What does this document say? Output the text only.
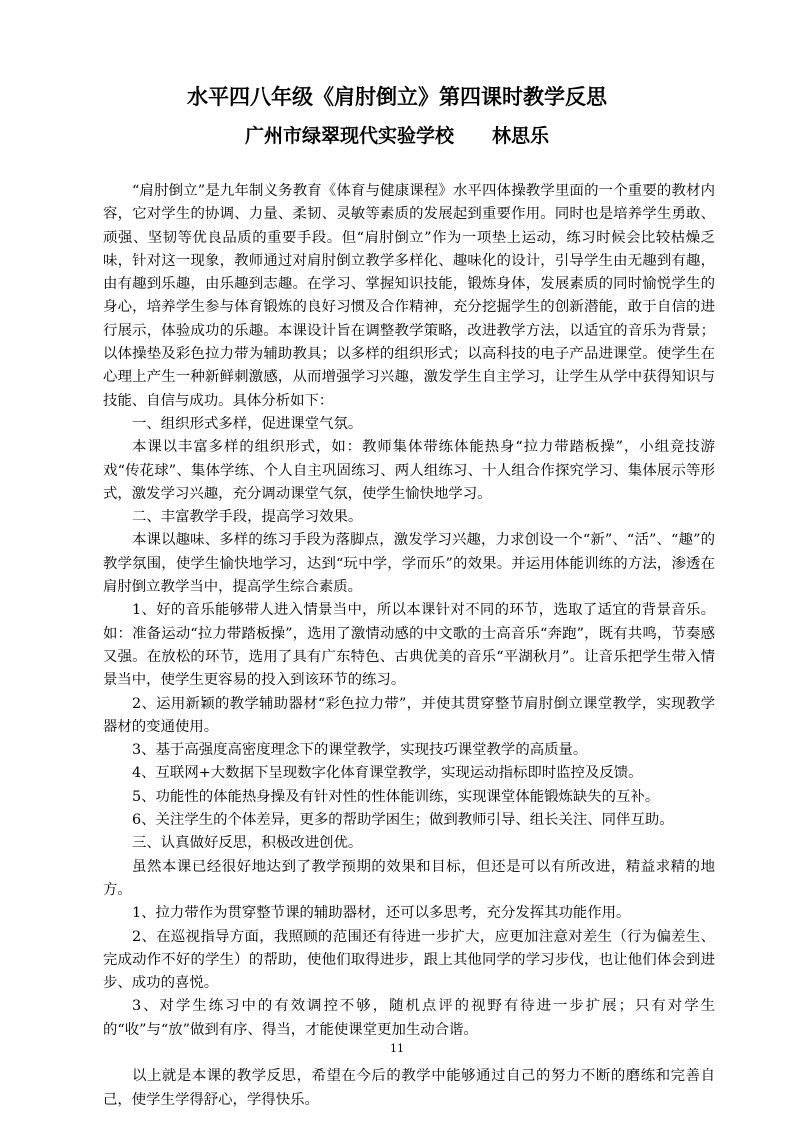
水平四八年级《肩肘倒立》第四课时教学反思
广州市绿翠现代实验学校　　林思乐

“肩肘倒立”是九年制义务教育《体育与健康课程》水平四体操教学里面的一个重要的教材内容，它对学生的协调、力量、柔韧、灵敏等素质的发展起到重要作用。同时也是培养学生勇敢、顽强、坚韧等优良品质的重要手段。但“肩肘倒立”作为一项垫上运动，练习时候会比较枯燥乏味，针对这一现象，教师通过对肩肘倒立教学多样化、趣味化的设计，引导学生由无趣到有趣，由有趣到乐趣，由乐趣到志趣。在学习、掌握知识技能，锻炼身体，发展素质的同时愉悦学生的身心，培养学生参与体育锻炼的良好习惯及合作精神，充分挖掘学生的创新潜能，敢于自信的进行展示，体验成功的乐趣。本课设计旨在调整教学策略，改进教学方法，以适宜的音乐为背景；以体操垫及彩色拉力带为辅助教具；以多样的组织形式；以高科技的电子产品进课堂。使学生在心理上产生一种新鲜刺激感，从而增强学习兴趣，激发学生自主学习，让学生从学中获得知识与技能、自信与成功。具体分析如下：

一、组织形式多样，促进课堂气氛。

本课以丰富多样的组织形式，如：教师集体带练体能热身“拉力带踏板操”，小组竞技游戏“传花球”、集体学练、个人自主巩固练习、两人组练习、十人组合作探究学习、集体展示等形式，激发学习兴趣，充分调动课堂气氛，使学生愉快地学习。

二、丰富教学手段，提高学习效果。

本课以趣味、多样的练习手段为落脚点，激发学习兴趣，力求创设一个“新”、“活”、“趣”的教学氛围，使学生愉快地学习，达到“玩中学，学而乐”的效果。并运用体能训练的方法，渗透在肩肘倒立教学当中，提高学生综合素质。

1、好的音乐能够带人进入情景当中，所以本课针对不同的环节，选取了适宜的背景音乐。如：准备运动“拉力带踏板操”，选用了激情动感的中文歌的士高音乐“奔跑”，既有共鸣，节奏感又强。在放松的环节，选用了具有广东特色、古典优美的音乐“平湖秋月”。让音乐把学生带入情景当中，使学生更容易的投入到该环节的练习。

2、运用新颖的教学辅助器材“彩色拉力带”，并使其贯穿整节肩肘倒立课堂教学，实现教学器材的变通使用。

3、基于高强度高密度理念下的课堂教学，实现技巧课堂教学的高质量。

4、互联网+大数据下呈现数字化体育课堂教学，实现运动指标即时监控及反馈。

5、功能性的体能热身操及有针对性的性体能训练，实现课堂体能锻炼缺失的互补。

6、关注学生的个体差异，更多的帮助学困生；做到教师引导、组长关注、同伴互助。

三、认真做好反思，积极改进创优。

虽然本课已经很好地达到了教学预期的效果和目标，但还是可以有所改进，精益求精的地方。

1、拉力带作为贯穿整节课的辅助器材，还可以多思考，充分发挥其功能作用。

2、在巡视指导方面，我照顾的范围还有待进一步扩大，应更加注意对差生（行为偏差生、完成动作不好的学生）的帮助，使他们取得进步，跟上其他同学的学习步伐，也让他们体会到进步、成功的喜悦。

3、对学生练习中的有效调控不够，随机点评的视野有待进一步扩展；只有对学生的“收”与“放”做到有序、得当，才能使课堂更加生动合谐。

以上就是本课的教学反思，希望在今后的教学中能够通过自己的努力不断的磨练和完善自己，使学生学得舒心，学得快乐。

11
